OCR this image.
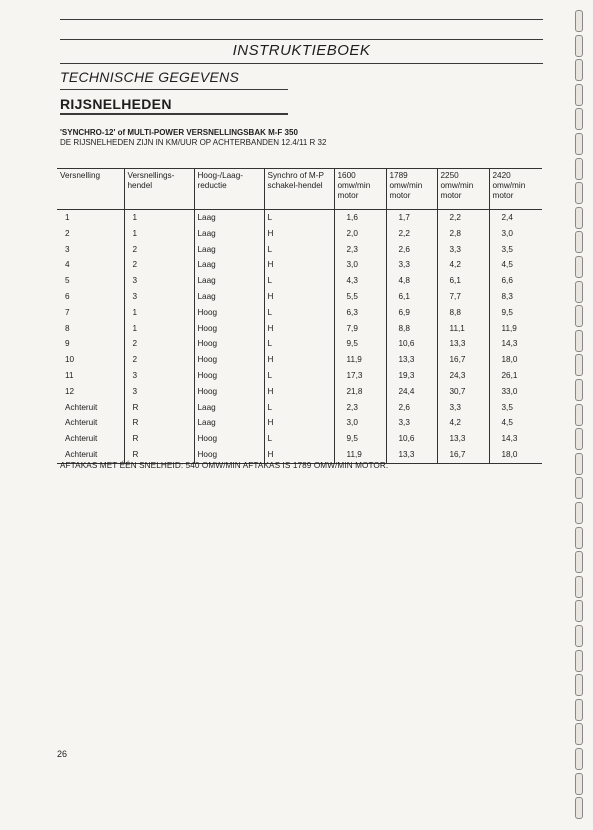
INSTRUKTIEBOEK
TECHNISCHE GEGEVENS
RIJSNELHEDEN
'SYNCHRO-12' of MULTI-POWER VERSNELLINGSBAK M-F 350
DE RIJSNELHEDEN ZIJN IN KM/UUR OP ACHTERBANDEN 12.4/11 R 32
Versnelling	Versnellings-hendel	Hoog-/Laag-reductie	Synchro of M-P schakel-hendel	1600 omw/min motor	1789 omw/min motor	2250 omw/min motor	2420 omw/min motor
1	1	Laag	L	1,6	1,7	2,2	2,4
2	1	Laag	H	2,0	2,2	2,8	3,0
3	2	Laag	L	2,3	2,6	3,3	3,5
4	2	Laag	H	3,0	3,3	4,2	4,5
5	3	Laag	L	4,3	4,8	6,1	6,6
6	3	Laag	H	5,5	6,1	7,7	8,3
7	1	Hoog	L	6,3	6,9	8,8	9,5
8	1	Hoog	H	7,9	8,8	11,1	11,9
9	2	Hoog	L	9,5	10,6	13,3	14,3
10	2	Hoog	H	11,9	13,3	16,7	18,0
11	3	Hoog	L	17,3	19,3	24,3	26,1
12	3	Hoog	H	21,8	24,4	30,7	33,0
Achteruit	R	Laag	L	2,3	2,6	3,3	3,5
Achteruit	R	Laag	H	3,0	3,3	4,2	4,5
Achteruit	R	Hoog	L	9,5	10,6	13,3	14,3
Achteruit	R	Hoog	H	11,9	13,3	16,7	18,0
AFTAKAS MET ÉÉN SNELHEID: 540 OMW/MIN AFTAKAS IS 1789 OMW/MIN MOTOR.
26
